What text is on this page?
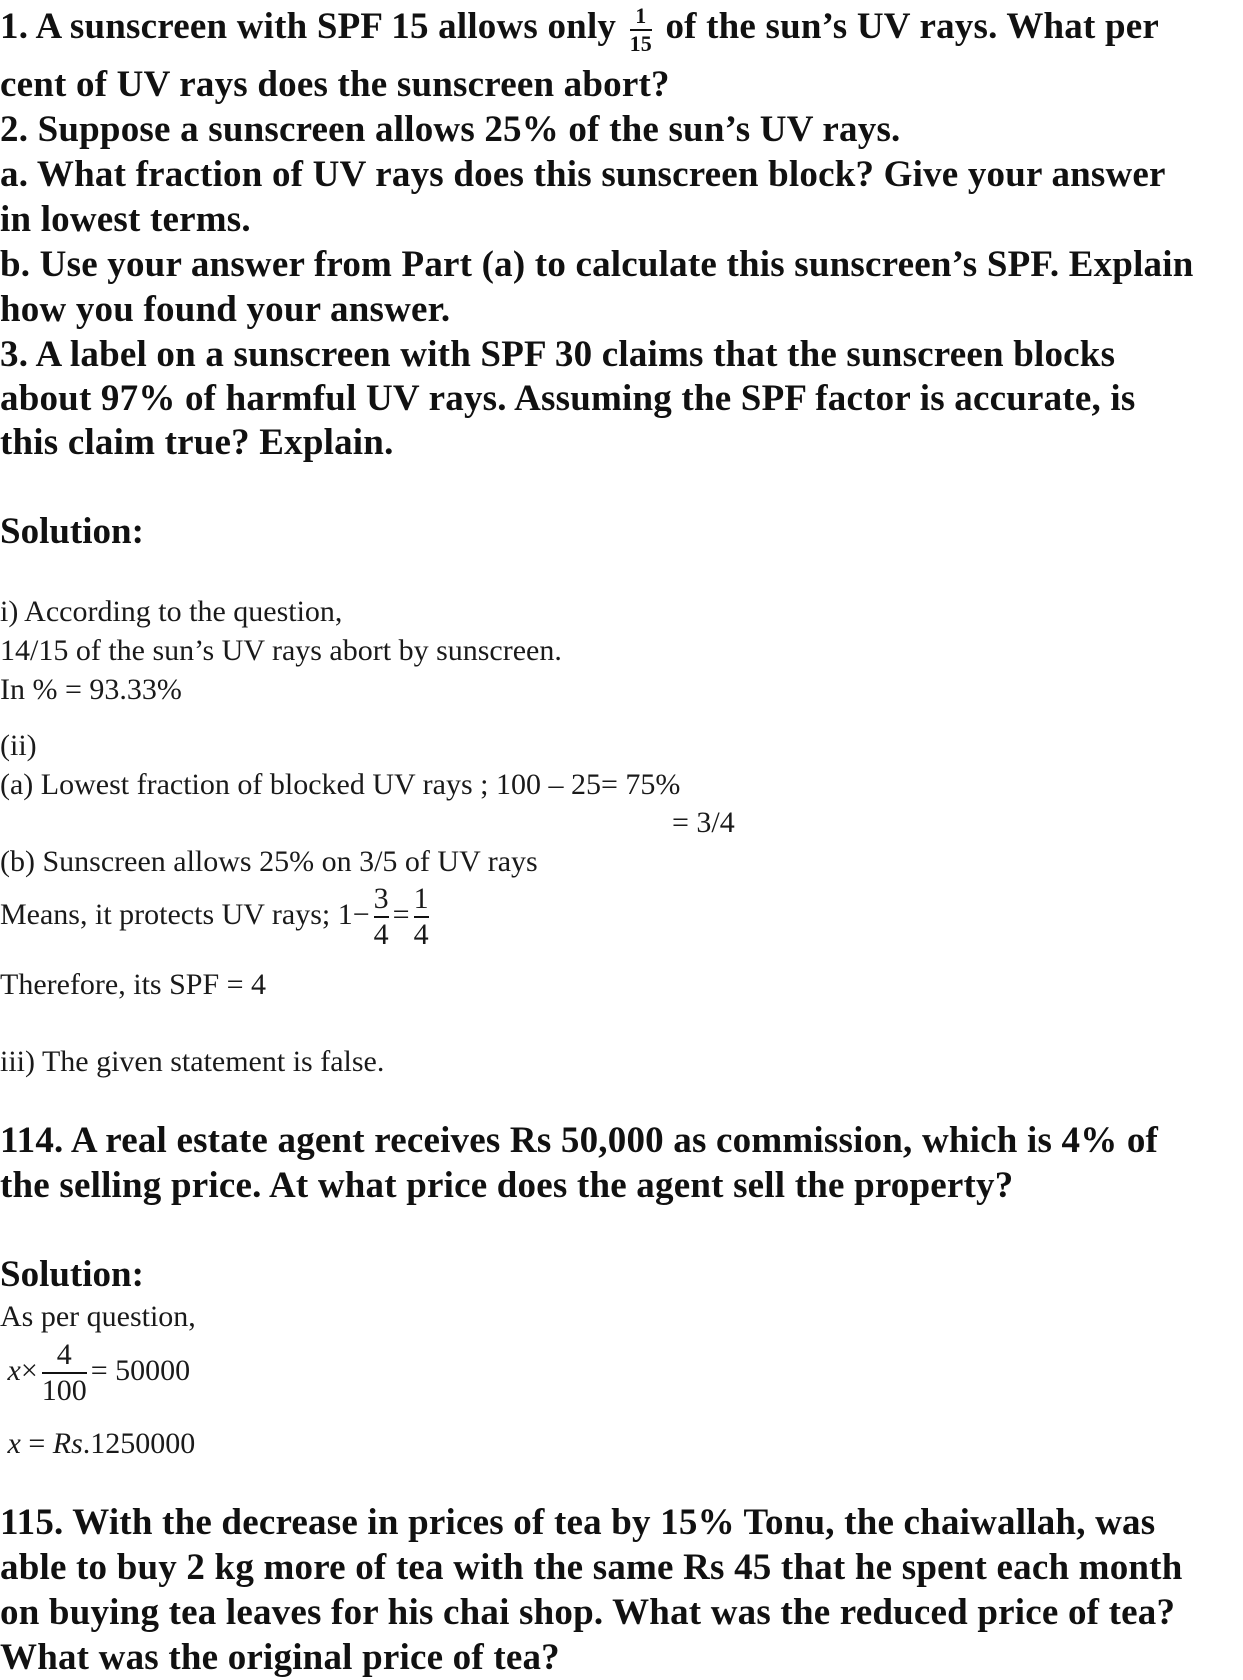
1. A sunscreen with SPF 15 allows only $\frac{1}{15}$ of the sun’s UV rays. What per
cent of UV rays does the sunscreen abort?
2. Suppose a sunscreen allows 25% of the sun’s UV rays.
a. What fraction of UV rays does this sunscreen block? Give your answer
in lowest terms.
b. Use your answer from Part (a) to calculate this sunscreen’s SPF. Explain
how you found your answer.
3. A label on a sunscreen with SPF 30 claims that the sunscreen blocks
about 97% of harmful UV rays. Assuming the SPF factor is accurate, is
this claim true? Explain.
Solution:
i) According to the question,
14/15 of the sun’s UV rays abort by sunscreen.
In % = 93.33%
(ii)
(a) Lowest fraction of blocked UV rays ; 100 – 25= 75%
= 3/4
(b) Sunscreen allows 25% on 3/5 of UV rays
Means, it protects UV rays; $1- \frac{3}{4} = \frac{1}{4}$
Therefore, its SPF = 4
iii) The given statement is false.
114. A real estate agent receives Rs 50,000 as commission, which is 4% of
the selling price. At what price does the agent sell the property?
Solution:
As per question,
$x\times \frac{4}{100} = 50000$
x = Rs.1250000
115. With the decrease in prices of tea by 15% Tonu, the chaiwallah, was
able to buy 2 kg more of tea with the same Rs 45 that he spent each month
on buying tea leaves for his chai shop. What was the reduced price of tea?
What was the original price of tea?
